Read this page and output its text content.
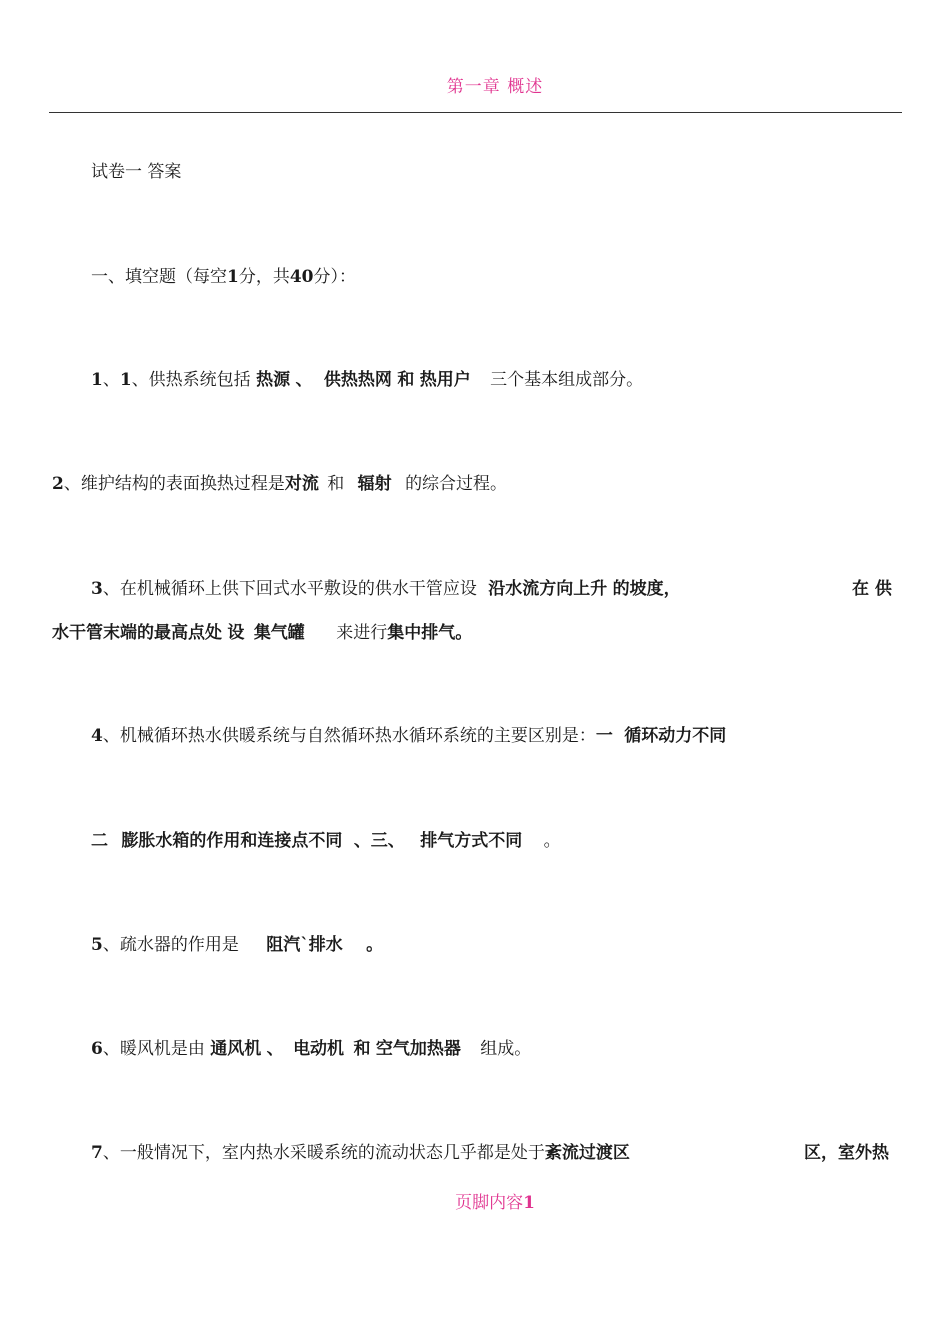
第一章 概述
试卷一 答案
一、填空题（每空1分，共40分）：
1、1、供热系统包括 热源 、 供热热网 和 热用户 三个基本组成部分。
2、维护结构的表面换热过程是对流 和 辐射 的综合过程。
3、在机械循环上供下回式水平敷设的供水干管应设 沿水流方向上升 的坡度，	在 供
水干管末端的最高点处 设 集气罐 来进行集中排气。
4、机械循环热水供暖系统与自然循环热水循环系统的主要区别是：一 循环动力不同
二 膨胀水箱的作用和连接点不同 、三、 排气方式不同 。
5、疏水器的作用是 阻汽`排水 。
6、暖风机是由 通风机 、 电动机 和 空气加热器 组成。
7、一般情况下，室内热水采暖系统的流动状态几乎都是处于紊流过渡区	区，室外热
页脚内容1
